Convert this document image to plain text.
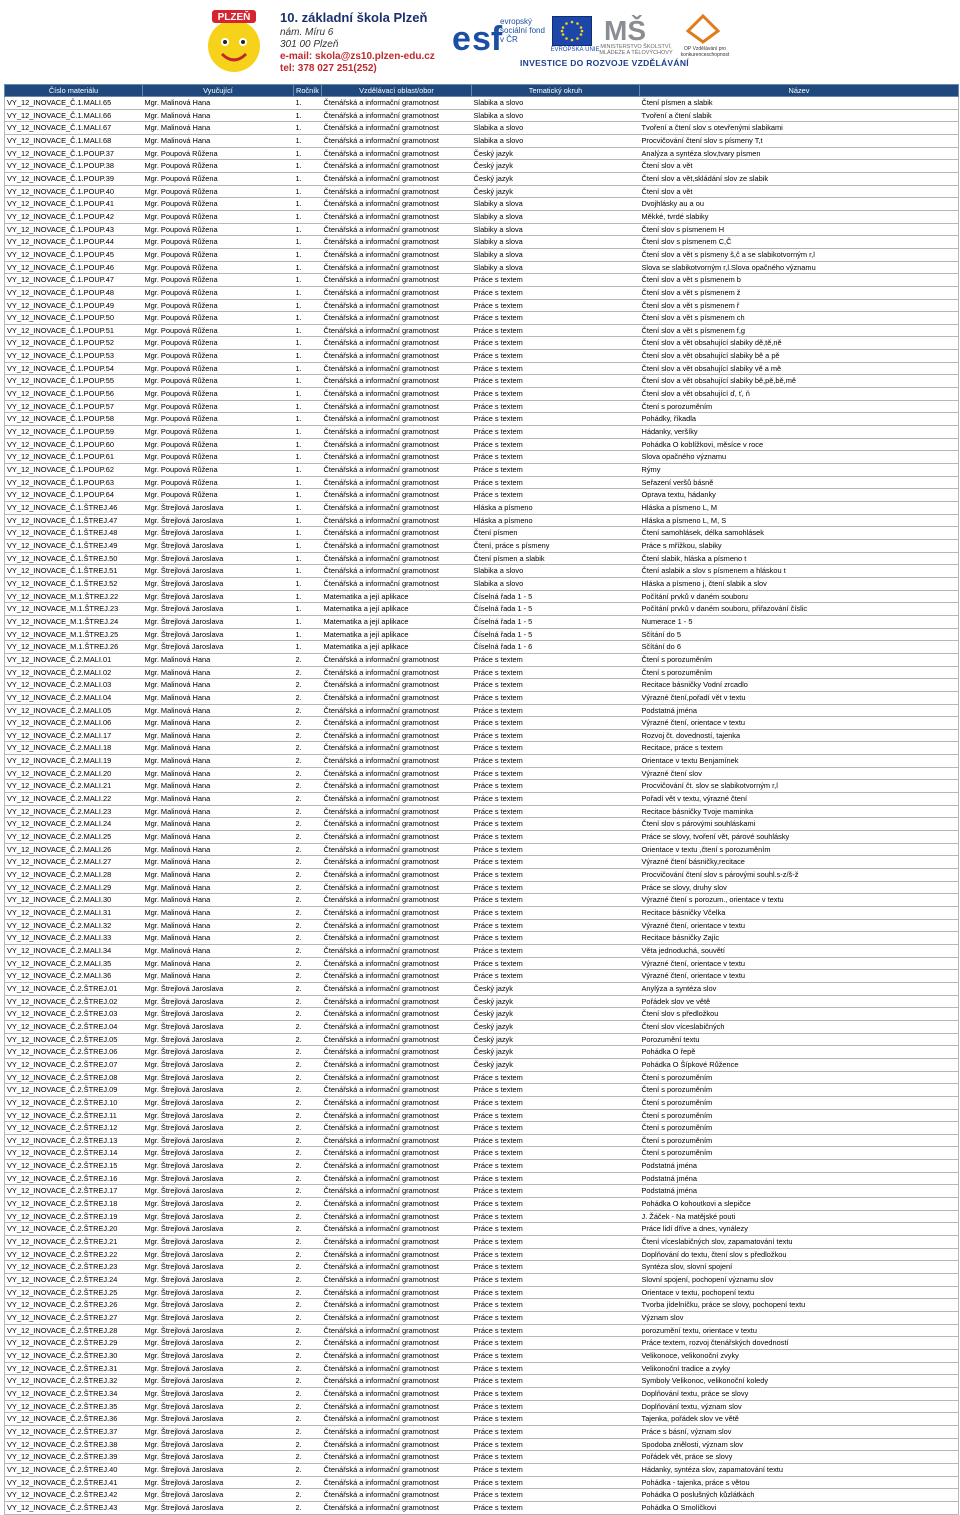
PLZEŇ 10. základní škola Plzeň
nám. Míru 6
301 00 Plzeň
e-mail: skola@zs10.plzen-edu.cz
tel: 378 027 251(252)
e sf
evropský sociální fond v ČR
EVROPSKÁ UNIE
MŠ
MINISTERSTVO ŠKOLSTVÍ, MLÁDEŽE A TĚLOVÝCHOVY
OP Vzdělávání pro konkurenceschopnost
INVESTICE DO ROZVOJE VZDĚLÁVÁNÍ
Číslo materiálu	Vyučující	Ročník	Vzdělávací oblast/obor	Tematický okruh	Název
VY_12_INOVACE_Č.1.MALI.65	Mgr. Malinová Hana	1.	Čtenářská a informační gramotnost	Slabika a slovo	Čtení písmen a slabik
VY_12_INOVACE_Č.1.MALI.66	Mgr. Malinová Hana	1.	Čtenářská a informační gramotnost	Slabika a slovo	Tvoření a čtení slabik
VY_12_INOVACE_Č.1.MALI.67	Mgr. Malinová Hana	1.	Čtenářská a informační gramotnost	Slabika a slovo	Tvoření a čtení slov s otevřenými slabikami
VY_12_INOVACE_Č.1.MALI.68	Mgr. Malinová Hana	1.	Čtenářská a informační gramotnost	Slabika a slovo	Procvičování čtení slov s písmeny T,t
VY_12_INOVACE_Č.1.POUP.37	Mgr. Poupová Růžena	1.	Čtenářská a informační gramotnost	Český jazyk	Analýza a syntéza slov,tvary písmen
VY_12_INOVACE_Č.1.POUP.38	Mgr. Poupová Růžena	1.	Čtenářská a informační gramotnost	Český jazyk	Čtení slov a vět
VY_12_INOVACE_Č.1.POUP.39	Mgr. Poupová Růžena	1.	Čtenářská a informační gramotnost	Český jazyk	Čtení slov a vět,skládání slov ze slabik
VY_12_INOVACE_Č.1.POUP.40	Mgr. Poupová Růžena	1.	Čtenářská a informační gramotnost	Český jazyk	Čtení slov a vět
VY_12_INOVACE_Č.1.POUP.41	Mgr. Poupová Růžena	1.	Čtenářská a informační gramotnost	Slabiky a slova	Dvojhlásky au a ou
VY_12_INOVACE_Č.1.POUP.42	Mgr. Poupová Růžena	1.	Čtenářská a informační gramotnost	Slabiky a slova	Měkké, tvrdé slabiky
VY_12_INOVACE_Č.1.POUP.43	Mgr. Poupová Růžena	1.	Čtenářská a informační gramotnost	Slabiky a slova	Čtení slov s písmenem H
VY_12_INOVACE_Č.1.POUP.44	Mgr. Poupová Růžena	1.	Čtenářská a informační gramotnost	Slabiky a slova	Čtení slov s písmenem C,Č
VY_12_INOVACE_Č.1.POUP.45	Mgr. Poupová Růžena	1.	Čtenářská a informační gramotnost	Slabiky a slova	Čtení slov a vět s písmeny š,č a se slabikotvorným r,l
VY_12_INOVACE_Č.1.POUP.46	Mgr. Poupová Růžena	1.	Čtenářská a informační gramotnost	Slabiky a slova	Slova se slabikotvorným r,l.Slova opačného významu
VY_12_INOVACE_Č.1.POUP.47	Mgr. Poupová Růžena	1.	Čtenářská a informační gramotnost	Práce s textem	Čtení slov a vět s písmenem b
VY_12_INOVACE_Č.1.POUP.48	Mgr. Poupová Růžena	1.	Čtenářská a informační gramotnost	Práce s textem	Čtení slov a vět s písmenem ž
VY_12_INOVACE_Č.1.POUP.49	Mgr. Poupová Růžena	1.	Čtenářská a informační gramotnost	Práce s textem	Čtení slov a vět s písmenem ř
VY_12_INOVACE_Č.1.POUP.50	Mgr. Poupová Růžena	1.	Čtenářská a informační gramotnost	Práce s textem	Čtení slov a vět s písmenem ch
VY_12_INOVACE_Č.1.POUP.51	Mgr. Poupová Růžena	1.	Čtenářská a informační gramotnost	Práce s textem	Čtení slov a vět s písmenem f,g
VY_12_INOVACE_Č.1.POUP.52	Mgr. Poupová Růžena	1.	Čtenářská a informační gramotnost	Práce s textem	Čtení slov a vět obsahující slabiky dě,tě,ně
VY_12_INOVACE_Č.1.POUP.53	Mgr. Poupová Růžena	1.	Čtenářská a informační gramotnost	Práce s textem	Čtení slov a vět obsahující slabiky bě a pě
VY_12_INOVACE_Č.1.POUP.54	Mgr. Poupová Růžena	1.	Čtenářská a informační gramotnost	Práce s textem	Čtení slov a vět obsahující slabiky vě a mě
VY_12_INOVACE_Č.1.POUP.55	Mgr. Poupová Růžena	1.	Čtenářská a informační gramotnost	Práce s textem	Čtení slov a vět obsahující slabiky bě,pě,bě,mě
VY_12_INOVACE_Č.1.POUP.56	Mgr. Poupová Růžena	1.	Čtenářská a informační gramotnost	Práce s textem	Čtení slov a vět obsahující ď, ť, ň
VY_12_INOVACE_Č.1.POUP.57	Mgr. Poupová Růžena	1.	Čtenářská a informační gramotnost	Práce s textem	Čtení s porozuměním
VY_12_INOVACE_Č.1.POUP.58	Mgr. Poupová Růžena	1.	Čtenářská a informační gramotnost	Práce s textem	Pohádky, říkadla
VY_12_INOVACE_Č.1.POUP.59	Mgr. Poupová Růžena	1.	Čtenářská a informační gramotnost	Práce s textem	Hádanky, veršíky
VY_12_INOVACE_Č.1.POUP.60	Mgr. Poupová Růžena	1.	Čtenářská a informační gramotnost	Práce s textem	Pohádka O koblížkovi, měsíce v roce
VY_12_INOVACE_Č.1.POUP.61	Mgr. Poupová Růžena	1.	Čtenářská a informační gramotnost	Práce s textem	Slova opačného významu
VY_12_INOVACE_Č.1.POUP.62	Mgr. Poupová Růžena	1.	Čtenářská a informační gramotnost	Práce s textem	Rýmy
VY_12_INOVACE_Č.1.POUP.63	Mgr. Poupová Růžena	1.	Čtenářská a informační gramotnost	Práce s textem	Seřazení veršů básně
VY_12_INOVACE_Č.1.POUP.64	Mgr. Poupová Růžena	1.	Čtenářská a informační gramotnost	Práce s textem	Oprava textu, hádanky
VY_12_INOVACE_Č.1.ŠTREJ.46	Mgr. Štrejlová Jaroslava	1.	Čtenářská a informační gramotnost	Hláska a písmeno	Hláska a písmeno L, M
VY_12_INOVACE_Č.1.ŠTREJ.47	Mgr. Štrejlová Jaroslava	1.	Čtenářská a informační gramotnost	Hláska a písmeno	Hláska a písmeno L, M, S
VY_12_INOVACE_Č.1.ŠTREJ.48	Mgr. Štrejlová Jaroslava	1.	Čtenářská a informační gramotnost	Čtení písmen	Čtení samohlásek, délka samohlásek
VY_12_INOVACE_Č.1.ŠTREJ.49	Mgr. Štrejlová Jaroslava	1.	Čtenářská a informační gramotnost	Čtení, práce s písmeny	Práce s mřížkou, slabiky
VY_12_INOVACE_Č.1.ŠTREJ.50	Mgr. Štrejlová Jaroslava	1.	Čtenářská a informační gramotnost	Čtení písmen a slabik	Čtení slabik, hláska a písmeno t
VY_12_INOVACE_Č.1.ŠTREJ.51	Mgr. Štrejlová Jaroslava	1.	Čtenářská a informační gramotnost	Slabika a slovo	Čtení aslabik a slov s písmenem a hláskou t
VY_12_INOVACE_Č.1.ŠTREJ.52	Mgr. Štrejlová Jaroslava	1.	Čtenářská a informační gramotnost	Slabika a slovo	Hláska a písmeno j, čtení slabik a slov
VY_12_INOVACE_M.1.ŠTREJ.22	Mgr. Štrejlová Jaroslava	1.	Matematika a její aplikace	Číselná řada 1 - 5	Počítání prvků v daném souboru
VY_12_INOVACE_M.1.ŠTREJ.23	Mgr. Štrejlová Jaroslava	1.	Matematika a její aplikace	Číselná řada 1 - 5	Počítání prvků v daném souboru, přiřazování číslic
VY_12_INOVACE_M.1.ŠTREJ.24	Mgr. Štrejlová Jaroslava	1.	Matematika a její aplikace	Číselná řada 1 - 5	Numerace 1 - 5
VY_12_INOVACE_M.1.ŠTREJ.25	Mgr. Štrejlová Jaroslava	1.	Matematika a její aplikace	Číselná řada 1 - 5	Sčítání do 5
VY_12_INOVACE_M.1.ŠTREJ.26	Mgr. Štrejlová Jaroslava	1.	Matematika a její aplikace	Číselná řada 1 - 6	Sčítání do 6
VY_12_INOVACE_Č.2.MALI.01	Mgr. Malinová Hana	2.	Čtenářská a informační gramotnost	Práce s textem	Čtení s porozuměním
VY_12_INOVACE_Č.2.MALI.02	Mgr. Malinová Hana	2.	Čtenářská a informační gramotnost	Práce s textem	Čtení s porozuměním
VY_12_INOVACE_Č.2.MALI.03	Mgr. Malinová Hana	2.	Čtenářská a informační gramotnost	Práce s textem	Recitace básničky Vodní zrcadlo
VY_12_INOVACE_Č.2.MALI.04	Mgr. Malinová Hana	2.	Čtenářská a informační gramotnost	Práce s textem	Výrazné čtení,pořadí vět v textu
VY_12_INOVACE_Č.2.MALI.05	Mgr. Malinová Hana	2.	Čtenářská a informační gramotnost	Práce s textem	Podstatná jména
VY_12_INOVACE_Č.2.MALI.06	Mgr. Malinová Hana	2.	Čtenářská a informační gramotnost	Práce s textem	Výrazné čtení, orientace v textu
VY_12_INOVACE_Č.2.MALI.17	Mgr. Malinová Hana	2.	Čtenářská a informační gramotnost	Práce s textem	Rozvoj čt. dovedností, tajenka
VY_12_INOVACE_Č.2.MALI.18	Mgr. Malinová Hana	2.	Čtenářská a informační gramotnost	Práce s textem	Recitace, práce s textem
VY_12_INOVACE_Č.2.MALI.19	Mgr. Malinová Hana	2.	Čtenářská a informační gramotnost	Práce s textem	Orientace v textu Benjamínek
VY_12_INOVACE_Č.2.MALI.20	Mgr. Malinová Hana	2.	Čtenářská a informační gramotnost	Práce s textem	Výrazné čtení slov
VY_12_INOVACE_Č.2.MALI.21	Mgr. Malinová Hana	2.	Čtenářská a informační gramotnost	Práce s textem	Procvičování čt. slov se slabikotvorným r,l
VY_12_INOVACE_Č.2.MALI.22	Mgr. Malinová Hana	2.	Čtenářská a informační gramotnost	Práce s textem	Pořadí vět v textu, výrazné čtení
VY_12_INOVACE_Č.2.MALI.23	Mgr. Malinová Hana	2.	Čtenářská a informační gramotnost	Práce s textem	Recitace básničky Tvoje maminka
VY_12_INOVACE_Č.2.MALI.24	Mgr. Malinová Hana	2.	Čtenářská a informační gramotnost	Práce s textem	Čtení slov s párovými souhláskami
VY_12_INOVACE_Č.2.MALI.25	Mgr. Malinová Hana	2.	Čtenářská a informační gramotnost	Práce s textem	Práce se slovy, tvoření vět, párové souhlásky
VY_12_INOVACE_Č.2.MALI.26	Mgr. Malinová Hana	2.	Čtenářská a informační gramotnost	Práce s textem	Orientace v textu ,čtení s porozuměním
VY_12_INOVACE_Č.2.MALI.27	Mgr. Malinová Hana	2.	Čtenářská a informační gramotnost	Práce s textem	Výrazné čtení básničky,recitace
VY_12_INOVACE_Č.2.MALI.28	Mgr. Malinová Hana	2.	Čtenářská a informační gramotnost	Práce s textem	Procvičování čtení slov s párovými souhl.s-z/š-ž
VY_12_INOVACE_Č.2.MALI.29	Mgr. Malinová Hana	2.	Čtenářská a informační gramotnost	Práce s textem	Práce se slovy, druhy slov
VY_12_INOVACE_Č.2.MALI.30	Mgr. Malinová Hana	2.	Čtenářská a informační gramotnost	Práce s textem	Výrazné čtení s porozum., orientace v textu
VY_12_INOVACE_Č.2.MALI.31	Mgr. Malinová Hana	2.	Čtenářská a informační gramotnost	Práce s textem	Recitace básničky Včelka
VY_12_INOVACE_Č.2.MALI.32	Mgr. Malinová Hana	2.	Čtenářská a informační gramotnost	Práce s textem	Výrazné čtení, orientace v textu
VY_12_INOVACE_Č.2.MALI.33	Mgr. Malinová Hana	2.	Čtenářská a informační gramotnost	Práce s textem	Recitace básničky Zajíc
VY_12_INOVACE_Č.2.MALI.34	Mgr. Malinová Hana	2.	Čtenářská a informační gramotnost	Práce s textem	Věta jednoduchá, souvětí
VY_12_INOVACE_Č.2.MALI.35	Mgr. Malinová Hana	2.	Čtenářská a informační gramotnost	Práce s textem	Výrazné čtení, orientace v textu
VY_12_INOVACE_Č.2.MALI.36	Mgr. Malinová Hana	2.	Čtenářská a informační gramotnost	Práce s textem	Výrazné čtení, orientace v textu
VY_12_INOVACE_Č.2.ŠTREJ.01	Mgr. Štrejlová Jaroslava	2.	Čtenářská a informační gramotnost	Český jazyk	Anylýza a syntéza slov
VY_12_INOVACE_Č.2.ŠTREJ.02	Mgr. Štrejlová Jaroslava	2.	Čtenářská a informační gramotnost	Český jazyk	Pořádek slov ve větě
VY_12_INOVACE_Č.2.ŠTREJ.03	Mgr. Štrejlová Jaroslava	2.	Čtenářská a informační gramotnost	Český jazyk	Čtení slov s předložkou
VY_12_INOVACE_Č.2.ŠTREJ.04	Mgr. Štrejlová Jaroslava	2.	Čtenářská a informační gramotnost	Český jazyk	Čtení slov víceslabičných
VY_12_INOVACE_Č.2.ŠTREJ.05	Mgr. Štrejlová Jaroslava	2.	Čtenářská a informační gramotnost	Český jazyk	Porozumění textu
VY_12_INOVACE_Č.2.ŠTREJ.06	Mgr. Štrejlová Jaroslava	2.	Čtenářská a informační gramotnost	Český jazyk	Pohádka O řepě
VY_12_INOVACE_Č.2.ŠTREJ.07	Mgr. Štrejlová Jaroslava	2.	Čtenářská a informační gramotnost	Český jazyk	Pohádka O Šípkové Růžence
VY_12_INOVACE_Č.2.ŠTREJ.08	Mgr. Štrejlová Jaroslava	2.	Čtenářská a informační gramotnost	Práce s textem	Čtení s porozuměním
VY_12_INOVACE_Č.2.ŠTREJ.09	Mgr. Štrejlová Jaroslava	2.	Čtenářská a informační gramotnost	Práce s textem	Čtení s porozuměním
VY_12_INOVACE_Č.2.ŠTREJ.10	Mgr. Štrejlová Jaroslava	2.	Čtenářská a informační gramotnost	Práce s textem	Čtení s porozuměním
VY_12_INOVACE_Č.2.ŠTREJ.11	Mgr. Štrejlová Jaroslava	2.	Čtenářská a informační gramotnost	Práce s textem	Čtení s porozuměním
VY_12_INOVACE_Č.2.ŠTREJ.12	Mgr. Štrejlová Jaroslava	2.	Čtenářská a informační gramotnost	Práce s textem	Čtení s porozuměním
VY_12_INOVACE_Č.2.ŠTREJ.13	Mgr. Štrejlová Jaroslava	2.	Čtenářská a informační gramotnost	Práce s textem	Čtení s porozuměním
VY_12_INOVACE_Č.2.ŠTREJ.14	Mgr. Štrejlová Jaroslava	2.	Čtenářská a informační gramotnost	Práce s textem	Čtení s porozuměním
VY_12_INOVACE_Č.2.ŠTREJ.15	Mgr. Štrejlová Jaroslava	2.	Čtenářská a informační gramotnost	Práce s textem	Podstatná jména
VY_12_INOVACE_Č.2.ŠTREJ.16	Mgr. Štrejlová Jaroslava	2.	Čtenářská a informační gramotnost	Práce s textem	Podstatná jména
VY_12_INOVACE_Č.2.ŠTREJ.17	Mgr. Štrejlová Jaroslava	2.	Čtenářská a informační gramotnost	Práce s textem	Podstatná jména
VY_12_INOVACE_Č.2.ŠTREJ.18	Mgr. Štrejlová Jaroslava	2.	Čtenářská a informační gramotnost	Práce s textem	Pohádka O kohoutkovi a slepičce
VY_12_INOVACE_Č.2.ŠTREJ.19	Mgr. Štrejlová Jaroslava	2.	Čtenářská a informační gramotnost	Práce s textem	J. Žáček - Na matějské pouti
VY_12_INOVACE_Č.2.ŠTREJ.20	Mgr. Štrejlová Jaroslava	2.	Čtenářská a informační gramotnost	Práce s textem	Práce lidí dříve a dnes, vynálezy
VY_12_INOVACE_Č.2.ŠTREJ.21	Mgr. Štrejlová Jaroslava	2.	Čtenářská a informační gramotnost	Práce s textem	Čtení víceslabičných slov, zapamatování textu
VY_12_INOVACE_Č.2.ŠTREJ.22	Mgr. Štrejlová Jaroslava	2.	Čtenářská a informační gramotnost	Práce s textem	Doplňování do textu, čtení slov s předložkou
VY_12_INOVACE_Č.2.ŠTREJ.23	Mgr. Štrejlová Jaroslava	2.	Čtenářská a informační gramotnost	Práce s textem	Syntéza slov, slovní spojení
VY_12_INOVACE_Č.2.ŠTREJ.24	Mgr. Štrejlová Jaroslava	2.	Čtenářská a informační gramotnost	Práce s textem	Slovní spojení, pochopení významu slov
VY_12_INOVACE_Č.2.ŠTREJ.25	Mgr. Štrejlová Jaroslava	2.	Čtenářská a informační gramotnost	Práce s textem	Orientace v textu, pochopení textu
VY_12_INOVACE_Č.2.ŠTREJ.26	Mgr. Štrejlová Jaroslava	2.	Čtenářská a informační gramotnost	Práce s textem	Tvorba jídelníčku, práce se slovy, pochopení textu
VY_12_INOVACE_Č.2.ŠTREJ.27	Mgr. Štrejlová Jaroslava	2.	Čtenářská a informační gramotnost	Práce s textem	Význam slov
VY_12_INOVACE_Č.2.ŠTREJ.28	Mgr. Štrejlová Jaroslava	2.	Čtenářská a informační gramotnost	Práce s textem	porozumění textu, orientace v textu
VY_12_INOVACE_Č.2.ŠTREJ.29	Mgr. Štrejlová Jaroslava	2.	Čtenářská a informační gramotnost	Práce s textem	Práce textem, rozvoj čtenářských dovedností
VY_12_INOVACE_Č.2.ŠTREJ.30	Mgr. Štrejlová Jaroslava	2.	Čtenářská a informační gramotnost	Práce s textem	Velikonoce, velikonoční zvyky
VY_12_INOVACE_Č.2.ŠTREJ.31	Mgr. Štrejlová Jaroslava	2.	Čtenářská a informační gramotnost	Práce s textem	Velikonoční tradice a zvyky
VY_12_INOVACE_Č.2.ŠTREJ.32	Mgr. Štrejlová Jaroslava	2.	Čtenářská a informační gramotnost	Práce s textem	Symboly Velikonoc, velikonoční koledy
VY_12_INOVACE_Č.2.ŠTREJ.34	Mgr. Štrejlová Jaroslava	2.	Čtenářská a informační gramotnost	Práce s textem	Doplňování textu, práce se slovy
VY_12_INOVACE_Č.2.ŠTREJ.35	Mgr. Štrejlová Jaroslava	2.	Čtenářská a informační gramotnost	Práce s textem	Doplňování textu, význam slov
VY_12_INOVACE_Č.2.ŠTREJ.36	Mgr. Štrejlová Jaroslava	2.	Čtenářská a informační gramotnost	Práce s textem	Tajenka, pořádek slov ve větě
VY_12_INOVACE_Č.2.ŠTREJ.37	Mgr. Štrejlová Jaroslava	2.	Čtenářská a informační gramotnost	Práce s textem	Práce s básní, význam slov
VY_12_INOVACE_Č.2.ŠTREJ.38	Mgr. Štrejlová Jaroslava	2.	Čtenářská a informační gramotnost	Práce s textem	Spodoba znělosti, význam slov
VY_12_INOVACE_Č.2.ŠTREJ.39	Mgr. Štrejlová Jaroslava	2.	Čtenářská a informační gramotnost	Práce s textem	Pořádek vět, práce se slovy
VY_12_INOVACE_Č.2.ŠTREJ.40	Mgr. Štrejlová Jaroslava	2.	Čtenářská a informační gramotnost	Práce s textem	Hádanky, syntéza slov, zapamatování textu
VY_12_INOVACE_Č.2.ŠTREJ.41	Mgr. Štrejlová Jaroslava	2.	Čtenářská a informační gramotnost	Práce s textem	Pohádka - tajenka, práce s větou
VY_12_INOVACE_Č.2.ŠTREJ.42	Mgr. Štrejlová Jaroslava	2.	Čtenářská a informační gramotnost	Práce s textem	Pohádka O poslušných kůzlátkách
VY_12_INOVACE_Č.2.ŠTREJ.43	Mgr. Štrejlová Jaroslava	2.	Čtenářská a informační gramotnost	Práce s textem	Pohádka O Smolíčkovi
